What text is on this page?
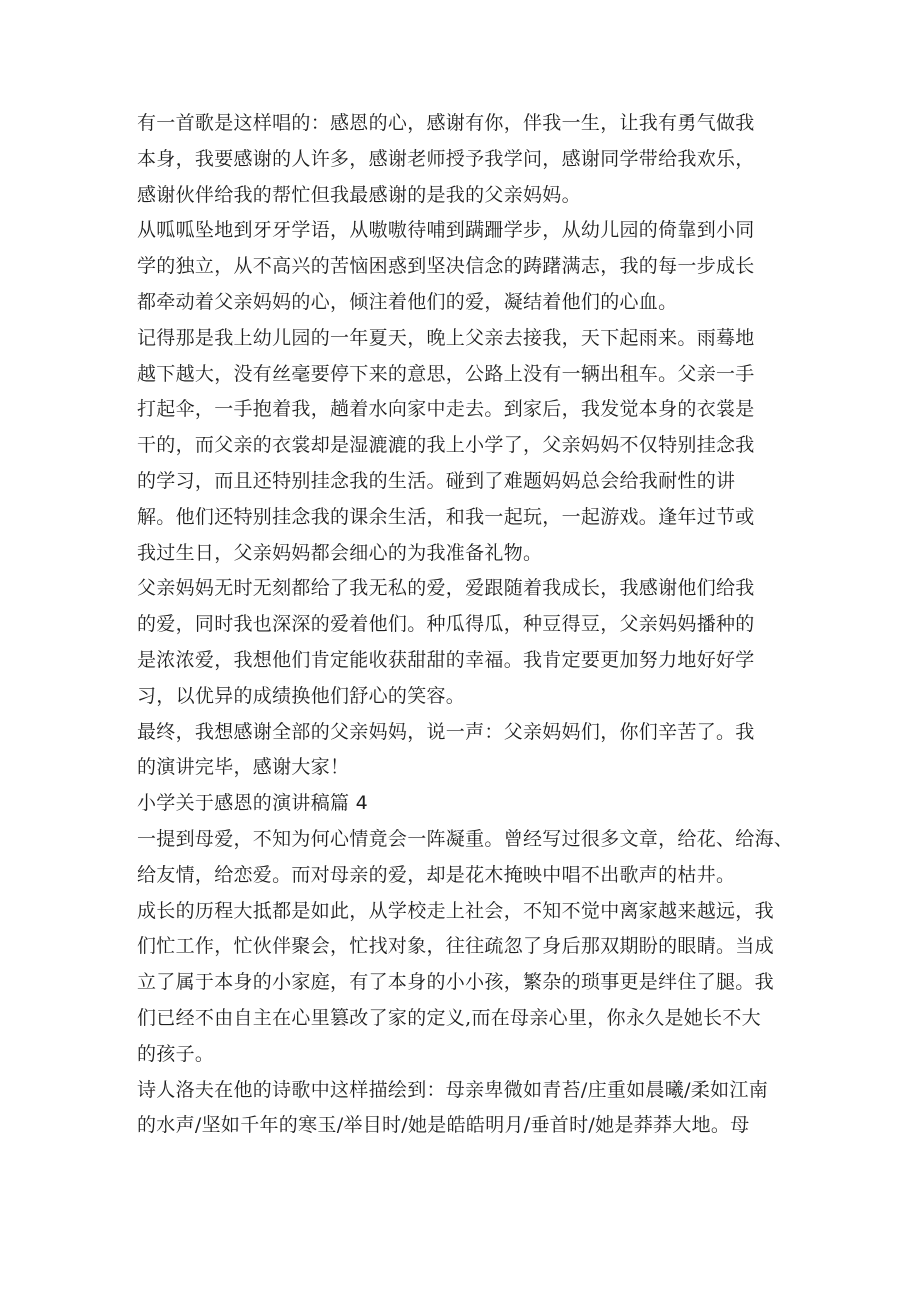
有一首歌是这样唱的：感恩的心，感谢有你，伴我一生，让我有勇气做我
本身，我要感谢的人许多，感谢老师授予我学问，感谢同学带给我欢乐，
感谢伙伴给我的帮忙但我最感谢的是我的父亲妈妈。
从呱呱坠地到牙牙学语，从嗷嗷待哺到蹒跚学步，从幼儿园的倚靠到小同
学的独立，从不高兴的苦恼困惑到坚决信念的踌躇满志，我的每一步成长
都牵动着父亲妈妈的心，倾注着他们的爱，凝结着他们的心血。
记得那是我上幼儿园的一年夏天，晚上父亲去接我，天下起雨来。雨蓦地
越下越大，没有丝毫要停下来的意思，公路上没有一辆出租车。父亲一手
打起伞，一手抱着我，趟着水向家中走去。到家后，我发觉本身的衣裳是
干的，而父亲的衣裳却是湿漉漉的我上小学了，父亲妈妈不仅特别挂念我
的学习，而且还特别挂念我的生活。碰到了难题妈妈总会给我耐性的讲
解。他们还特别挂念我的课余生活，和我一起玩，一起游戏。逢年过节或
我过生日，父亲妈妈都会细心的为我准备礼物。
父亲妈妈无时无刻都给了我无私的爱，爱跟随着我成长，我感谢他们给我
的爱，同时我也深深的爱着他们。种瓜得瓜，种豆得豆，父亲妈妈播种的
是浓浓爱，我想他们肯定能收获甜甜的幸福。我肯定要更加努力地好好学
习，以优异的成绩换他们舒心的笑容。
最终，我想感谢全部的父亲妈妈，说一声：父亲妈妈们，你们辛苦了。我
的演讲完毕，感谢大家！
小学关于感恩的演讲稿篇 4
一提到母爱，不知为何心情竟会一阵凝重。曾经写过很多文章，给花、给海、
给友情，给恋爱。而对母亲的爱，却是花木掩映中唱不出歌声的枯井。
成长的历程大抵都是如此，从学校走上社会，不知不觉中离家越来越远，我
们忙工作，忙伙伴聚会，忙找对象，往往疏忽了身后那双期盼的眼睛。当成
立了属于本身的小家庭，有了本身的小小孩，繁杂的琐事更是绊住了腿。我
们已经不由自主在心里篡改了家的定义,而在母亲心里，你永久是她长不大
的孩子。
诗人洛夫在他的诗歌中这样描绘到：母亲卑微如青苔/庄重如晨曦/柔如江南
的水声/坚如千年的寒玉/举目时/她是皓皓明月/垂首时/她是莽莽大地。母
